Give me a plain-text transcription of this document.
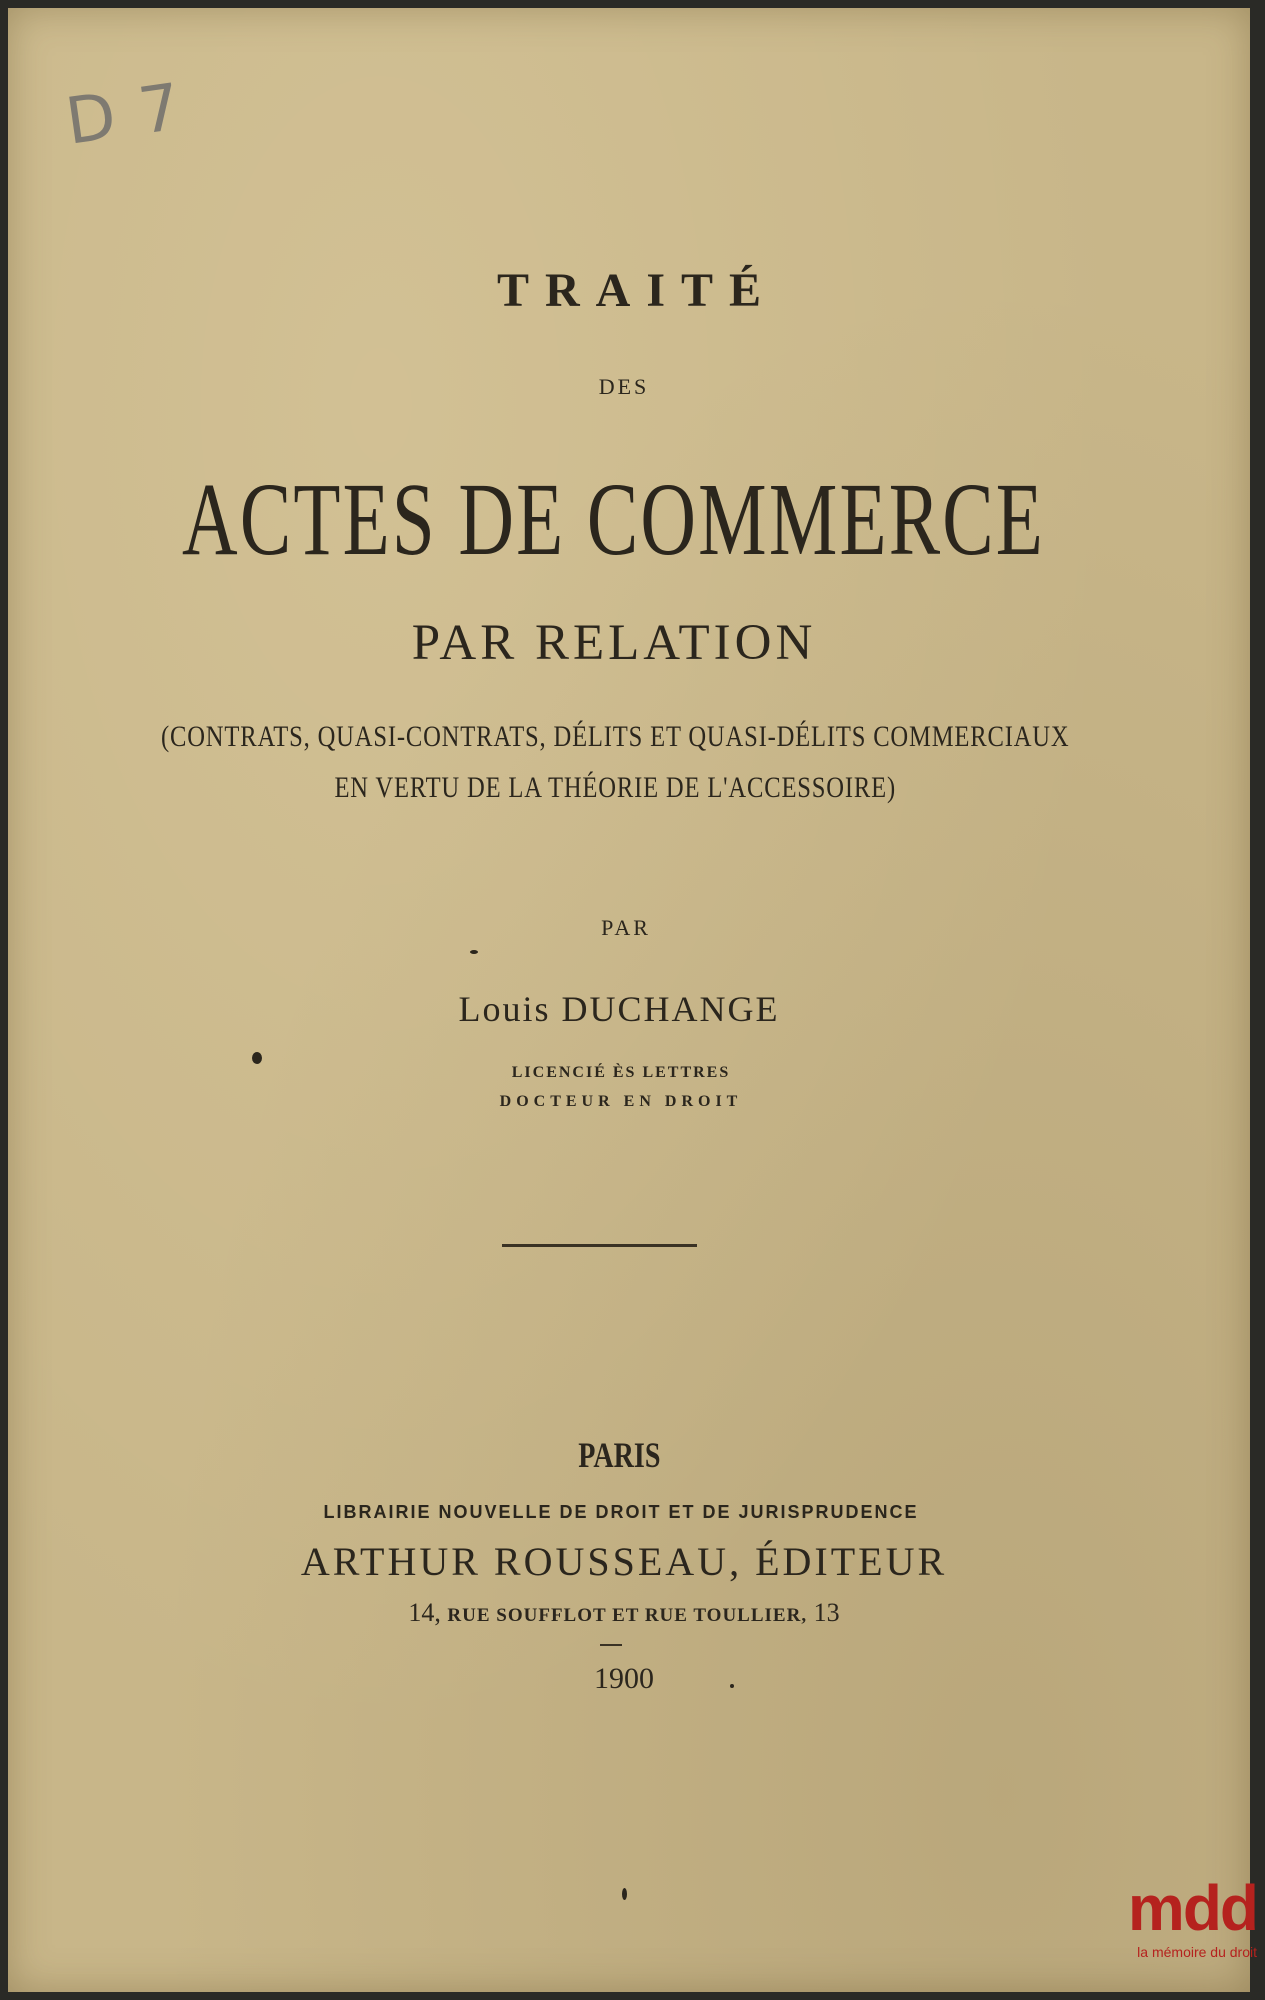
D 7
TRAITÉ
DES
ACTES DE COMMERCE
PAR RELATION
(CONTRATS, QUASI-CONTRATS, DÉLITS ET QUASI-DÉLITS COMMERCIAUX
EN VERTU DE LA THÉORIE DE L'ACCESSOIRE)
PAR
Louis DUCHANGE
LICENCIÉ ÈS LETTRES
DOCTEUR EN DROIT
PARIS
LIBRAIRIE NOUVELLE DE DROIT ET DE JURISPRUDENCE
ARTHUR ROUSSEAU, ÉDITEUR
14, RUE SOUFFLOT ET RUE TOULLIER, 13
1900
mdd
la mémoire du droit
